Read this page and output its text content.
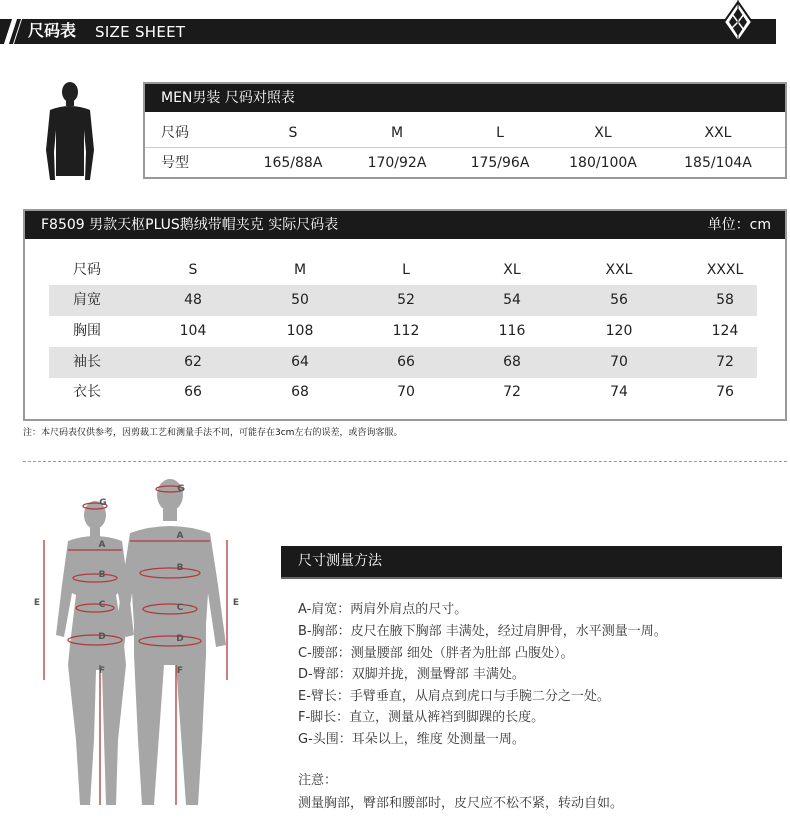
尺码表 SIZE SHEET
MEN男装 尺码对照表
尺码	S	M	L	XL	XXL
号型	165/88A	170/92A	175/96A	180/100A	185/104A
F8509 男款天枢PLUS鹅绒带帽夹克 实际尺码表	单位：cm
尺码	S	M	L	XL	XXL	XXXL
肩宽	48	50	52	54	56	58
胸围	104	108	112	116	120	124
袖长	62	64	66	68	70	72
衣长	66	68	70	72	74	76
注：本尺码表仅供参考，因剪裁工艺和测量手法不同，可能存在3cm左右的误差，或咨询客服。
G
A
B
C
D
F
G
A
B
C
D
F
E	E
尺寸测量方法
A-肩宽：两肩外肩点的尺寸。
B-胸部：皮尺在腋下胸部 丰满处，经过肩胛骨，水平测量一周。
C-腰部：测量腰部 细处（胖者为肚部 凸腹处）。
D-臀部：双脚并拢，测量臀部 丰满处。
E-臂长：手臂垂直，从肩点到虎口与手腕二分之一处。
F-脚长：直立，测量从裤裆到脚踝的长度。
G-头围：耳朵以上，维度 处测量一周。
注意：
测量胸部，臀部和腰部时，皮尺应不松不紧，转动自如。
